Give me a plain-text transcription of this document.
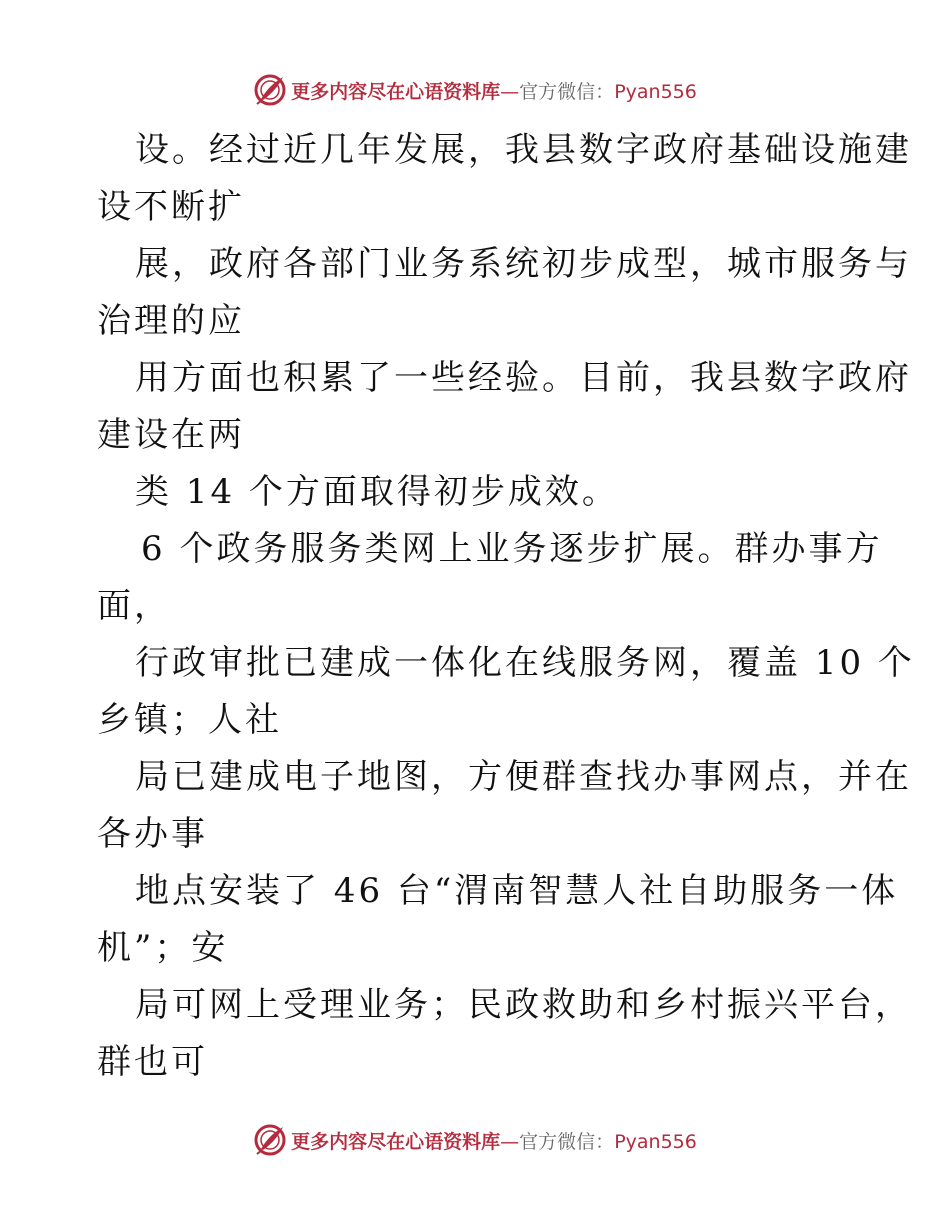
更多内容尽在心语资料库—官方微信：Pyan556
设。经过近几年发展，我县数字政府基础设施建
设不断扩
展，政府各部门业务系统初步成型，城市服务与
治理的应
用方面也积累了一些经验。目前，我县数字政府
建设在两
类 14 个方面取得初步成效。
6 个政务服务类网上业务逐步扩展。群办事方
面，
行政审批已建成一体化在线服务网，覆盖 10 个
乡镇；人社
局已建成电子地图，方便群查找办事网点，并在
各办事
地点安装了 46 台“渭南智慧人社自助服务一体
机”；安
局可网上受理业务；民政救助和乡村振兴平台，
群也可
更多内容尽在心语资料库—官方微信：Pyan556
